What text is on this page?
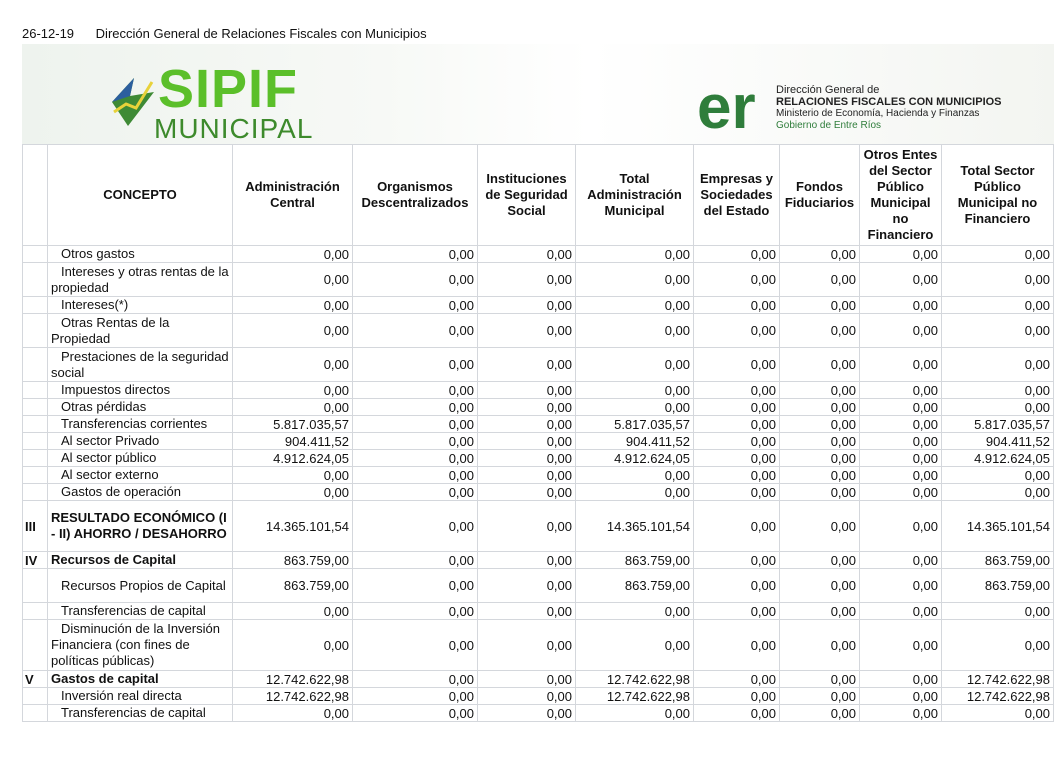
26-12-19 Dirección General de Relaciones Fiscales con Municipios
SIPIF
MUNICIPAL	er Dirección General de
RELACIONES FISCALES CON MUNICIPIOS
Ministerio de Economía, Hacienda y Finanzas
Gobierno de Entre Ríos
	CONCEPTO	Administración Central	Organismos Descentralizados	Instituciones de Seguridad Social	Total Administración Municipal	Empresas y Sociedades del Estado	Fondos Fiduciarios	Otros Entes del Sector Público Municipal no Financiero	Total Sector Público Municipal no Financiero
	Otros gastos	0,00	0,00	0,00	0,00	0,00	0,00	0,00	0,00
	Intereses y otras rentas de la propiedad	0,00	0,00	0,00	0,00	0,00	0,00	0,00	0,00
	Intereses(*)	0,00	0,00	0,00	0,00	0,00	0,00	0,00	0,00
	Otras Rentas de la Propiedad	0,00	0,00	0,00	0,00	0,00	0,00	0,00	0,00
	Prestaciones de la seguridad social	0,00	0,00	0,00	0,00	0,00	0,00	0,00	0,00
	Impuestos directos	0,00	0,00	0,00	0,00	0,00	0,00	0,00	0,00
	Otras pérdidas	0,00	0,00	0,00	0,00	0,00	0,00	0,00	0,00
	Transferencias corrientes	5.817.035,57	0,00	0,00	5.817.035,57	0,00	0,00	0,00	5.817.035,57
	Al sector Privado	904.411,52	0,00	0,00	904.411,52	0,00	0,00	0,00	904.411,52
	Al sector público	4.912.624,05	0,00	0,00	4.912.624,05	0,00	0,00	0,00	4.912.624,05
	Al sector externo	0,00	0,00	0,00	0,00	0,00	0,00	0,00	0,00
	Gastos de operación	0,00	0,00	0,00	0,00	0,00	0,00	0,00	0,00
III	RESULTADO ECONÓMICO (I - II) AHORRO / DESAHORRO	14.365.101,54	0,00	0,00	14.365.101,54	0,00	0,00	0,00	14.365.101,54
IV	Recursos de Capital	863.759,00	0,00	0,00	863.759,00	0,00	0,00	0,00	863.759,00
	Recursos Propios de Capital	863.759,00	0,00	0,00	863.759,00	0,00	0,00	0,00	863.759,00
	Transferencias de capital	0,00	0,00	0,00	0,00	0,00	0,00	0,00	0,00
	Disminución de la Inversión Financiera (con fines de políticas públicas)	0,00	0,00	0,00	0,00	0,00	0,00	0,00	0,00
V	Gastos de capital	12.742.622,98	0,00	0,00	12.742.622,98	0,00	0,00	0,00	12.742.622,98
	Inversión real directa	12.742.622,98	0,00	0,00	12.742.622,98	0,00	0,00	0,00	12.742.622,98
	Transferencias de capital	0,00	0,00	0,00	0,00	0,00	0,00	0,00	0,00
